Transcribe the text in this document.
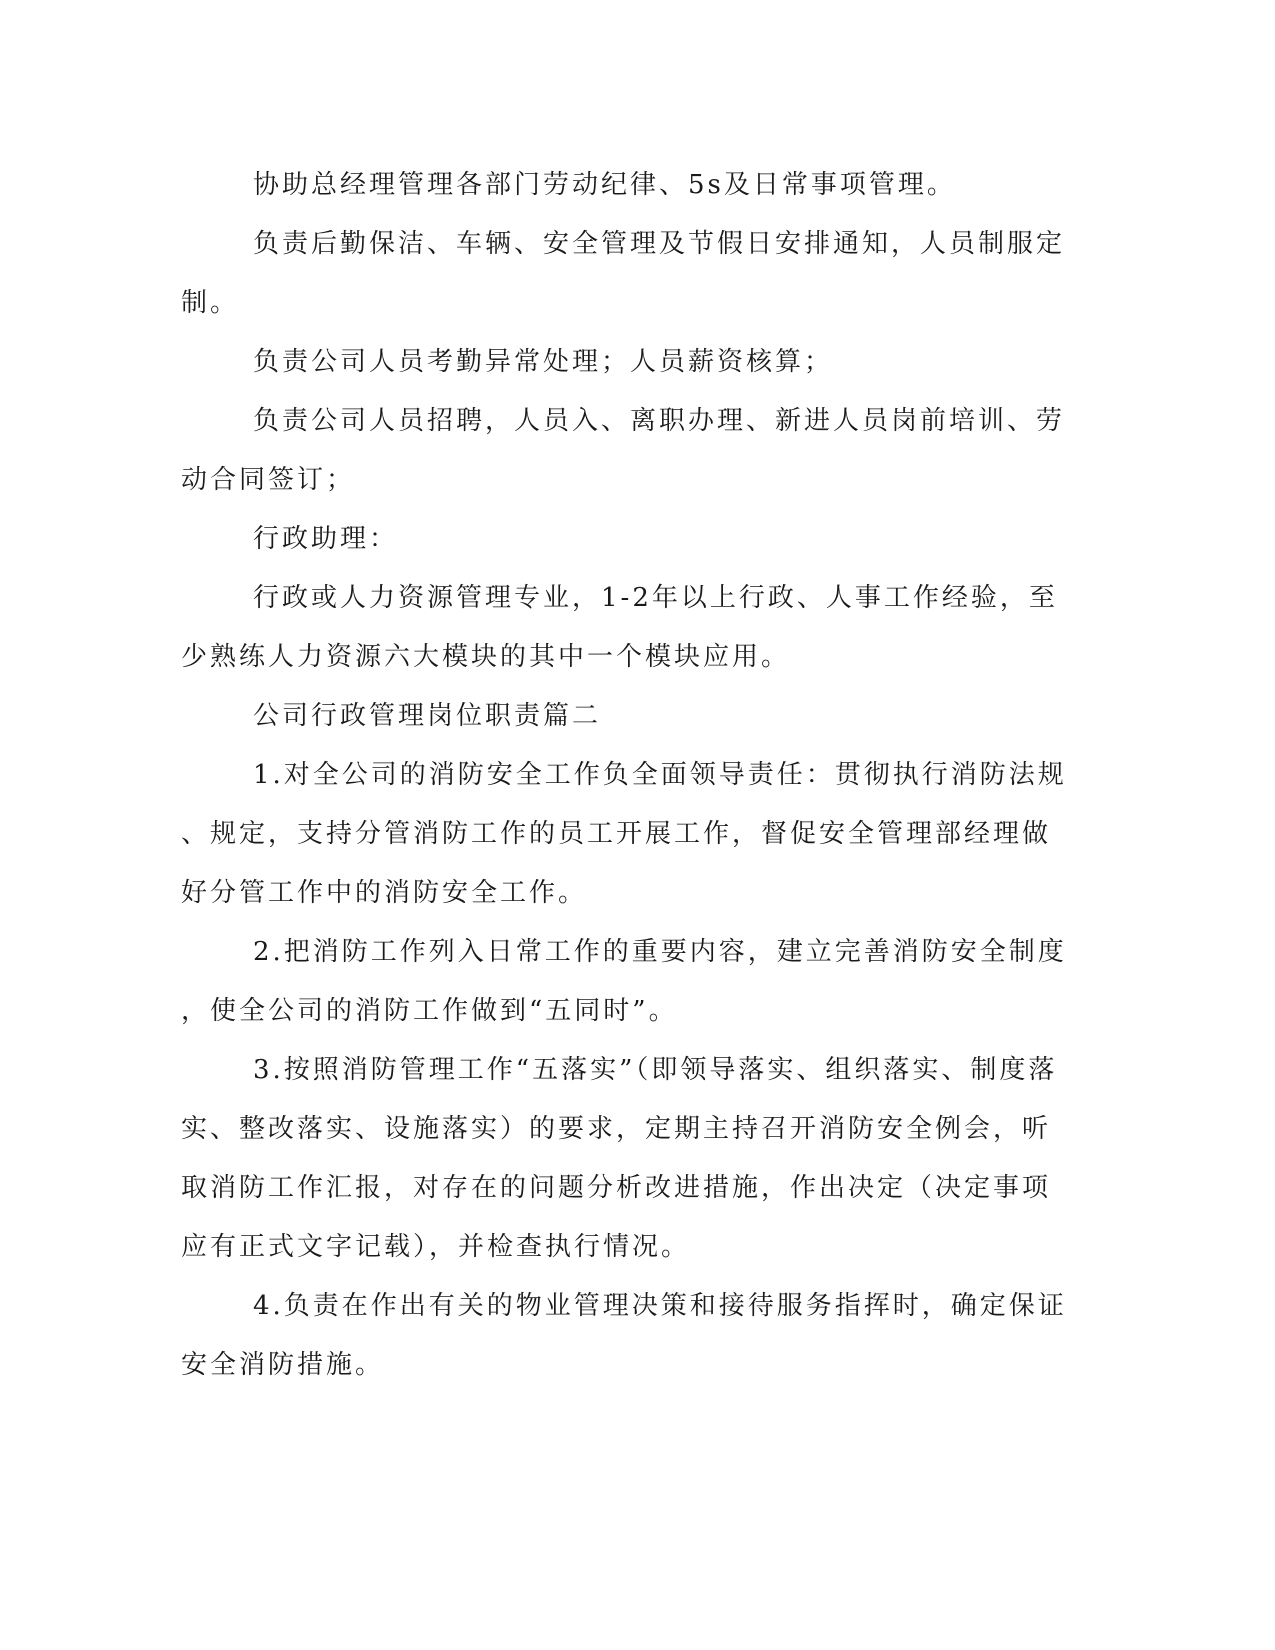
协助总经理管理各部门劳动纪律、5s及日常事项管理。
负责后勤保洁、车辆、安全管理及节假日安排通知，人员制服定
制。
负责公司人员考勤异常处理；人员薪资核算；
负责公司人员招聘，人员入、离职办理、新进人员岗前培训、劳
动合同签订；
行政助理：
行政或人力资源管理专业，1-2年以上行政、人事工作经验，至
少熟练人力资源六大模块的其中一个模块应用。
公司行政管理岗位职责篇二
1.对全公司的消防安全工作负全面领导责任：贯彻执行消防法规
、规定，支持分管消防工作的员工开展工作，督促安全管理部经理做
好分管工作中的消防安全工作。
2.把消防工作列入日常工作的重要内容，建立完善消防安全制度
，使全公司的消防工作做到“五同时”。
3.按照消防管理工作“五落实”（即领导落实、组织落实、制度落
实、整改落实、设施落实）的要求，定期主持召开消防安全例会，听
取消防工作汇报，对存在的问题分析改进措施，作出决定（决定事项
应有正式文字记载），并检查执行情况。
4.负责在作出有关的物业管理决策和接待服务指挥时，确定保证
安全消防措施。
